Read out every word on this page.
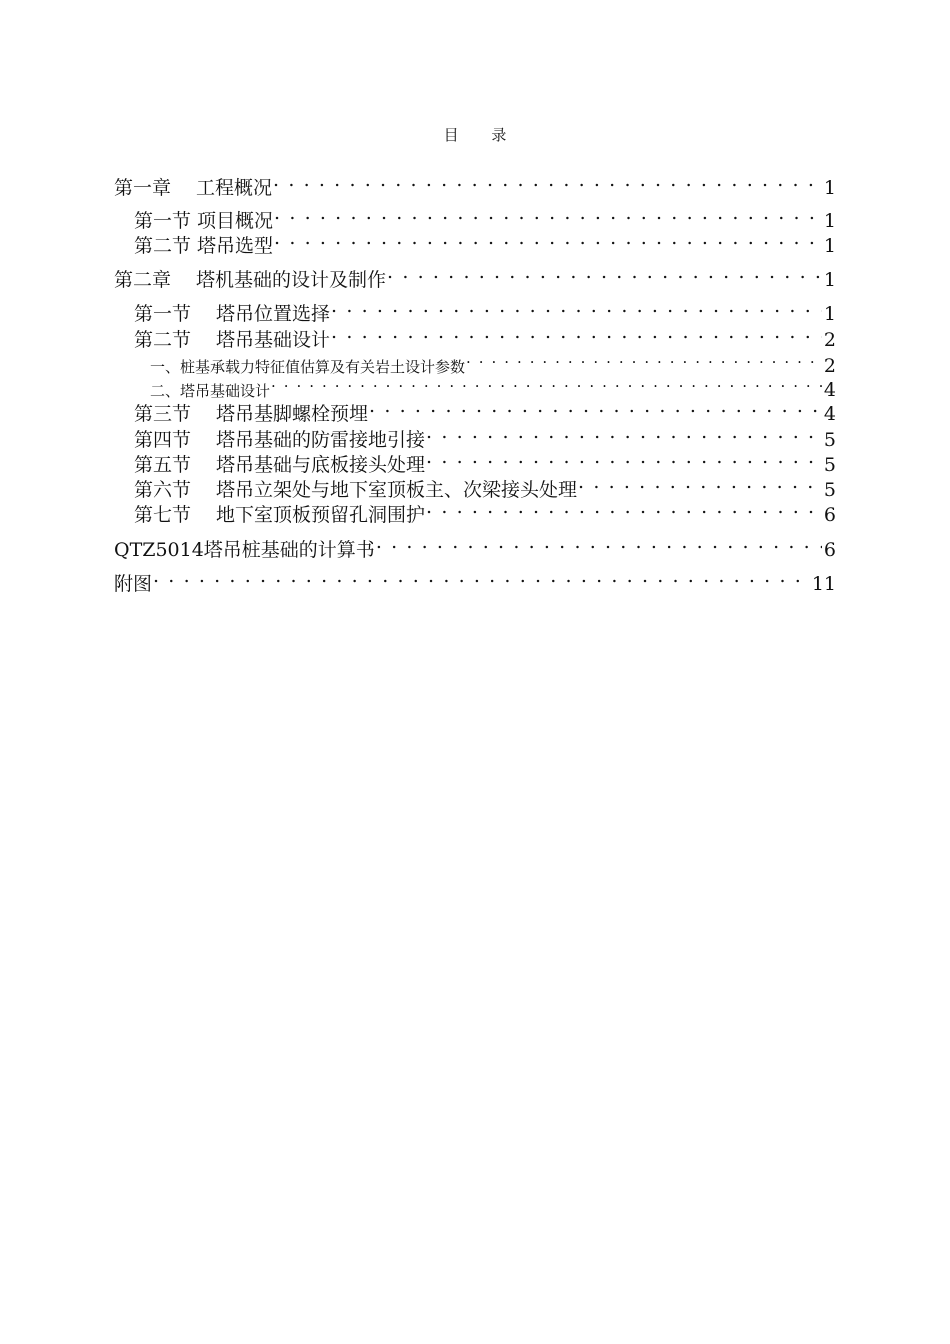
目 录
第一章　 工程概况 . . .	1
第一节 项目概况 . . .	1
第二节 塔吊选型 . . .	1
第二章　 塔机基础的设计及制作 . . .	1
第一节　 塔吊位置选择 . . .	1
第二节　 塔吊基础设计 . . .	2
一、桩基承载力特征值估算及有关岩土设计参数 . . .	2
二、塔吊基础设计 . . .	4
第三节　 塔吊基脚螺栓预埋 . . .	4
第四节　 塔吊基础的防雷接地引接 . . .	5
第五节　 塔吊基础与底板接头处理 . . .	5
第六节　 塔吊立架处与地下室顶板主、次梁接头处理 . . .	5
第七节　 地下室顶板预留孔洞围护 . . .	6
QTZ5014塔吊桩基础的计算书 . . .	6
附图 . . .	11
